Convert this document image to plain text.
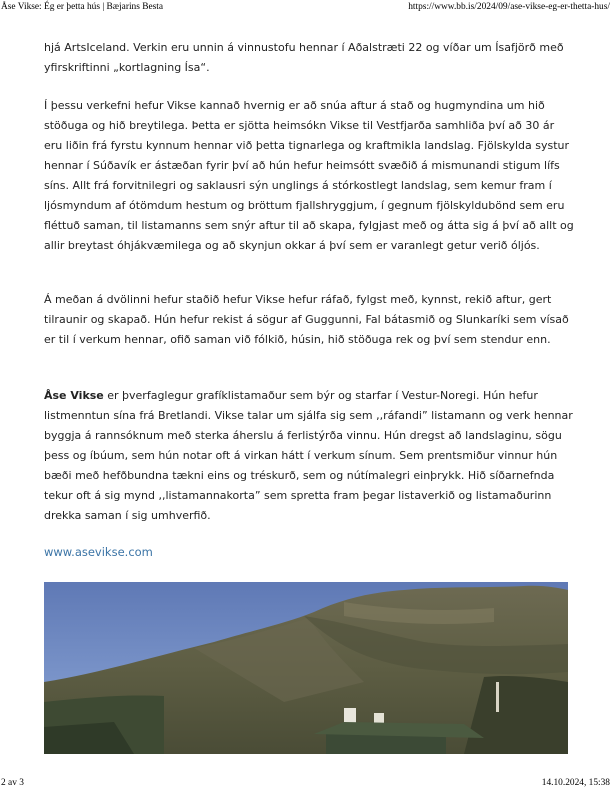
Åse Vikse: Ég er þetta hús | Bæjarins Besta	https://www.bb.is/2024/09/ase-vikse-eg-er-thetta-hus/

hjá ArtsIceland. Verkin eru unnin á vinnustofu hennar í Aðalstræti 22 og víðar um Ísafjörð með yfirskriftinni „kortlagning Ísa“.

Í þessu verkefni hefur Vikse kannað hvernig er að snúa aftur á stað og hugmyndina um hið stöðuga og hið breytilega. Þetta er sjötta heimsókn Vikse til Vestfjarða samhliða því að 30 ár eru liðin frá fyrstu kynnum hennar við þetta tignarlega og kraftmikla landslag. Fjölskylda systur hennar í Súðavík er ástæðan fyrir því að hún hefur heimsótt svæðið á mismunandi stigum lífs síns. Allt frá forvitnilegri og saklausri sýn unglings á stórkostlegt landslag, sem kemur fram í ljósmyndum af ótömdum hestum og bröttum fjallshryggjum, í gegnum fjölskyldubönd sem eru fléttuð saman, til listamanns sem snýr aftur til að skapa, fylgjast með og átta sig á því að allt og allir breytast óhjákvæmilega og að skynjun okkar á því sem er varanlegt getur verið óljós.

Á meðan á dvölinni hefur staðið hefur Vikse hefur ráfað, fylgst með, kynnst, rekið aftur, gert tilraunir og skapað. Hún hefur rekist á sögur af Guggunni, Fal bátasmið og Slunkaríki sem vísað er til í verkum hennar, ofið saman við fólkið, húsin, hið stöðuga rek og því sem stendur enn.

Åse Vikse er þverfaglegur grafíklistamaður sem býr og starfar í Vestur-Noregi. Hún hefur listmenntun sína frá Bretlandi. Vikse talar um sjálfa sig sem ,,ráfandi” listamann og verk hennar byggja á rannsóknum með sterka áherslu á ferlistýrða vinnu. Hún dregst að landslaginu, sögu þess og íbúum, sem hún notar oft á virkan hátt í verkum sínum. Sem prentsmiður vinnur hún bæði með hefðbundna tækni eins og tréskurð, sem og nútímalegri einþrykk. Hið síðarnefnda tekur oft á sig mynd ,,listamannakorta” sem spretta fram þegar listaverkið og listamaðurinn drekka saman í sig umhverfið.

www.asevikse.com
2 av 3	14.10.2024, 15:38
